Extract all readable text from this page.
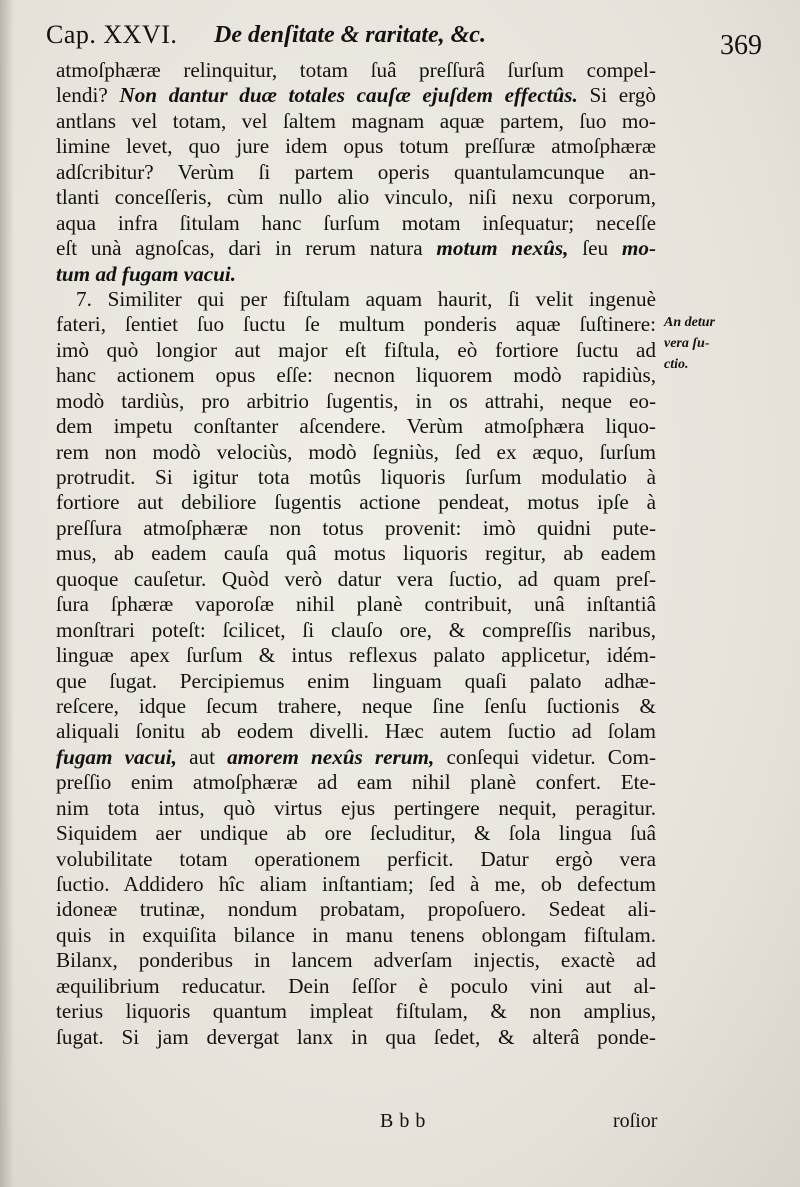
Cap. XXVI. De denſitate & raritate, &c.	369
atmoſphæræ relinquitur, totam ſuâ preſſurâ ſurſum compel-
lendi? Non dantur duæ totales cauſæ ejuſdem effectûs. Si ergò
antlans vel totam, vel ſaltem magnam aquæ partem, ſuo mo-
limine levet, quo jure idem opus totum preſſuræ atmoſphæræ
adſcribitur? Verùm ſi partem operis quantulamcunque an-
tlanti conceſſeris, cùm nullo alio vinculo, niſi nexu corporum,
aqua infra ſitulam hanc ſurſum motam inſequatur; neceſſe
eſt unà agnoſcas, dari in rerum natura motum nexûs, ſeu mo-
tum ad fugam vacui.
7. Similiter qui per fiſtulam aquam haurit, ſi velit ingenuè
fateri, ſentiet ſuo ſuctu ſe multum ponderis aquæ ſuſtinere:
imò quò longior aut major eſt fiſtula, eò fortiore ſuctu ad
hanc actionem opus eſſe: necnon liquorem modò rapidiùs,
modò tardiùs, pro arbitrio ſugentis, in os attrahi, neque eo-
dem impetu conſtanter aſcendere. Verùm atmoſphæra liquo-
rem non modò velociùs, modò ſegniùs, ſed ex æquo, ſurſum
protrudit. Si igitur tota motûs liquoris ſurſum modulatio à
fortiore aut debiliore ſugentis actione pendeat, motus ipſe à
preſſura atmoſphæræ non totus provenit: imò quidni pute-
mus, ab eadem cauſa quâ motus liquoris regitur, ab eadem
quoque cauſetur. Quòd verò datur vera ſuctio, ad quam preſ-
ſura ſphæræ vaporoſæ nihil planè contribuit, unâ inſtantiâ
monſtrari poteſt: ſcilicet, ſi clauſo ore, & compreſſis naribus,
linguæ apex ſurſum & intus reflexus palato applicetur, idém-
que ſugat. Percipiemus enim linguam quaſi palato adhæ-
reſcere, idque ſecum trahere, neque ſine ſenſu ſuctionis &
aliquali ſonitu ab eodem divelli. Hæc autem ſuctio ad ſolam
fugam vacui, aut amorem nexûs rerum, conſequi videtur. Com-
preſſio enim atmoſphæræ ad eam nihil planè confert. Ete-
nim tota intus, quò virtus ejus pertingere nequit, peragitur.
Siquidem aer undique ab ore ſecluditur, & ſola lingua ſuâ
volubilitate totam operationem perficit. Datur ergò vera
ſuctio. Addidero hîc aliam inſtantiam; ſed à me, ob defectum
idoneæ trutinæ, nondum probatam, propoſuero. Sedeat ali-
quis in exquiſita bilance in manu tenens oblongam fiſtulam.
Bilanx, ponderibus in lancem adverſam injectis, exactè ad
æquilibrium reducatur. Dein ſeſſor è poculo vini aut al-
terius liquoris quantum impleat fiſtulam, & non amplius,
ſugat. Si jam devergat lanx in qua ſedet, & alterâ ponde-
An detur
vera ſu-
ctio.
Bbb	roſior
